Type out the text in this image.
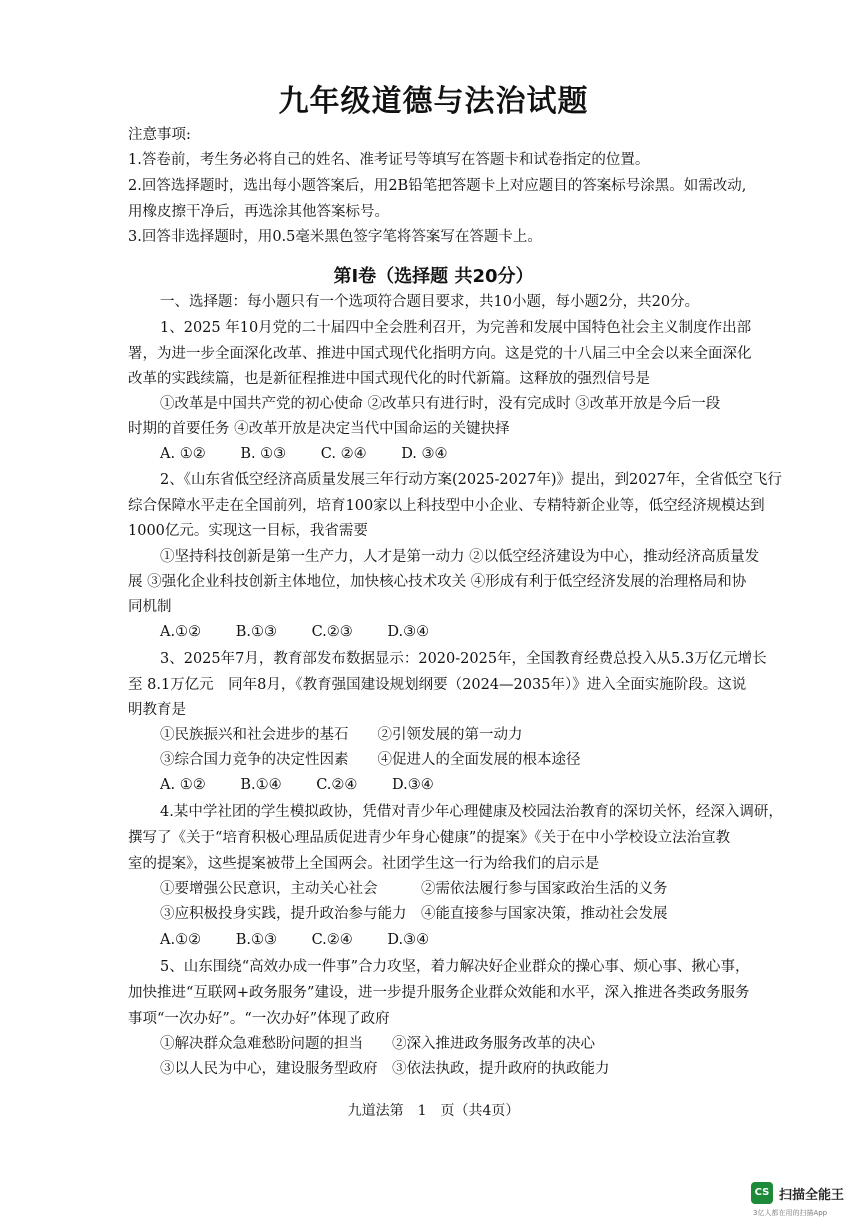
九年级道德与法治试题
注意事项:
1.答卷前，考生务必将自己的姓名、准考证号等填写在答题卡和试卷指定的位置。
2.回答选择题时，选出每小题答案后，用2B铅笔把答题卡上对应题目的答案标号涂黑。如需改动,
用橡皮擦干净后，再选涂其他答案标号。
3.回答非选择题时，用0.5毫米黑色签字笔将答案写在答题卡上。
第Ⅰ卷（选择题 共20分）
一、选择题：每小题只有一个选项符合题目要求，共10小题，每小题2分，共20分。
1、2025 年10月党的二十届四中全会胜利召开，为完善和发展中国特色社会主义制度作出部
署，为进一步全面深化改革、推进中国式现代化指明方向。这是党的十八届三中全会以来全面深化
改革的实践续篇，也是新征程推进中国式现代化的时代新篇。这释放的强烈信号是
①改革是中国共产党的初心使命 ②改革只有进行时，没有完成时 ③改革开放是今后一段
时期的首要任务 ④改革开放是决定当代中国命运的关键抉择
A. ①② B. ①③ C. ②④ D. ③④
2、《山东省低空经济高质量发展三年行动方案(2025-2027年)》提出，到2027年，全省低空飞行
综合保障水平走在全国前列，培育100家以上科技型中小企业、专精特新企业等，低空经济规模达到
1000亿元。实现这一目标，我省需要
①坚持科技创新是第一生产力，人才是第一动力 ②以低空经济建设为中心，推动经济高质量发
展 ③强化企业科技创新主体地位，加快核心技术攻关 ④形成有利于低空经济发展的治理格局和协
同机制
A.①② B.①③ C.②③ D.③④
3、2025年7月，教育部发布数据显示：2020-2025年，全国教育经费总投入从5.3万亿元增长
至 8.1万亿元　同年8月，《教育强国建设规划纲要（2024—2035年）》进入全面实施阶段。这说
明教育是
①民族振兴和社会进步的基石　　②引领发展的第一动力
③综合国力竞争的决定性因素　　④促进人的全面发展的根本途径
A. ①② B.①④ C.②④ D.③④
4.某中学社团的学生模拟政协，凭借对青少年心理健康及校园法治教育的深切关怀，经深入调研，
撰写了《关于“培育积极心理品质促进青少年身心健康”的提案》《关于在中小学校设立法治宣教
室的提案》，这些提案被带上全国两会。社团学生这一行为给我们的启示是
①要增强公民意识，主动关心社会　　　②需依法履行参与国家政治生活的义务
③应积极投身实践，提升政治参与能力　④能直接参与国家决策，推动社会发展
A.①② B.①③ C.②④ D.③④
5、山东围绕“高效办成一件事”合力攻坚，着力解决好企业群众的操心事、烦心事、揪心事，
加快推进“互联网+政务服务”建设，进一步提升服务企业群众效能和水平，深入推进各类政务服务
事项“一次办好”。“一次办好”体现了政府
①解决群众急难愁盼问题的担当　　②深入推进政务服务改革的决心
③以人民为中心，建设服务型政府　③依法执政，提升政府的执政能力
九道法第　1　页（共4页）
CS 扫描全能王
3亿人都在用的扫描App
